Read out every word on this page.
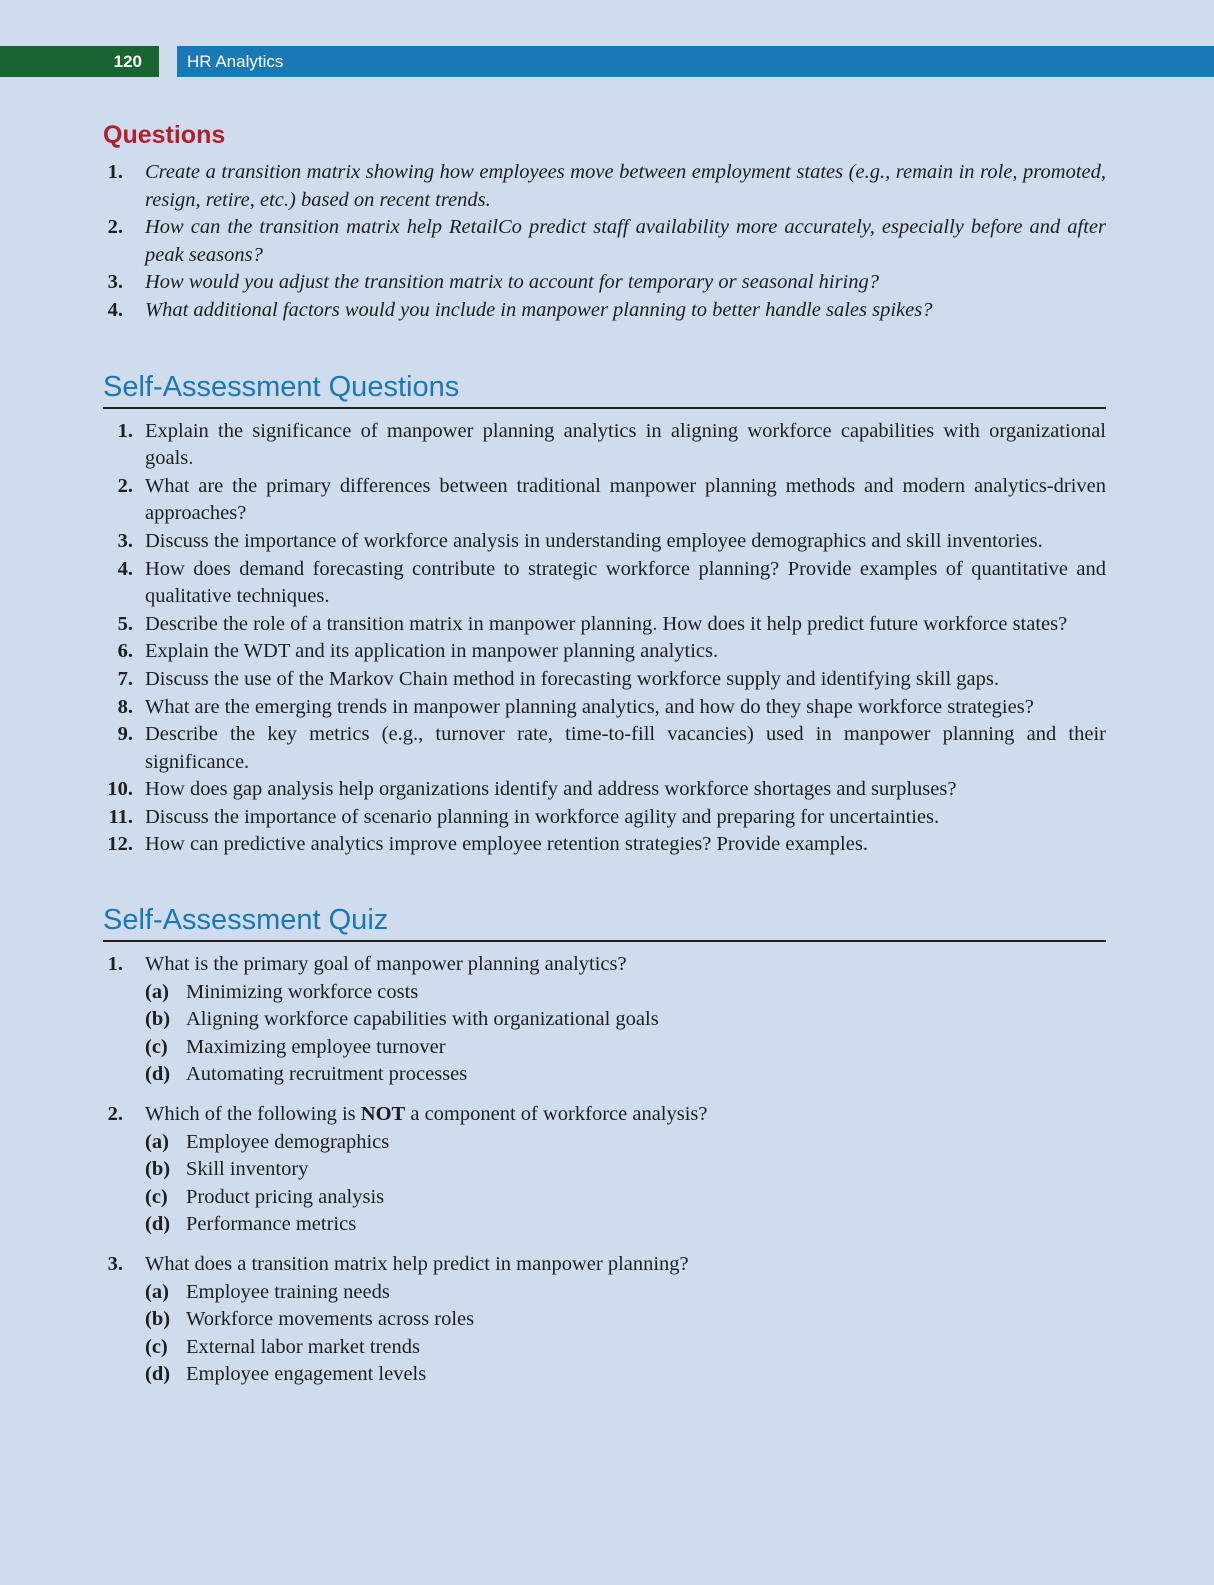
120	HR Analytics
Questions
1. Create a transition matrix showing how employees move between employment states (e.g., remain in role, promoted, resign, retire, etc.) based on recent trends.
2. How can the transition matrix help RetailCo predict staff availability more accurately, especially before and after peak seasons?
3. How would you adjust the transition matrix to account for temporary or seasonal hiring?
4. What additional factors would you include in manpower planning to better handle sales spikes?
Self-Assessment Questions
1. Explain the significance of manpower planning analytics in aligning workforce capabilities with organizational goals.
2. What are the primary differences between traditional manpower planning methods and modern analytics-driven approaches?
3. Discuss the importance of workforce analysis in understanding employee demographics and skill inventories.
4. How does demand forecasting contribute to strategic workforce planning? Provide examples of quantitative and qualitative techniques.
5. Describe the role of a transition matrix in manpower planning. How does it help predict future workforce states?
6. Explain the WDT and its application in manpower planning analytics.
7. Discuss the use of the Markov Chain method in forecasting workforce supply and identifying skill gaps.
8. What are the emerging trends in manpower planning analytics, and how do they shape workforce strategies?
9. Describe the key metrics (e.g., turnover rate, time-to-fill vacancies) used in manpower planning and their significance.
10. How does gap analysis help organizations identify and address workforce shortages and surpluses?
11. Discuss the importance of scenario planning in workforce agility and preparing for uncertainties.
12. How can predictive analytics improve employee retention strategies? Provide examples.
Self-Assessment Quiz
1. What is the primary goal of manpower planning analytics?
(a) Minimizing workforce costs
(b) Aligning workforce capabilities with organizational goals
(c) Maximizing employee turnover
(d) Automating recruitment processes
2. Which of the following is NOT a component of workforce analysis?
(a) Employee demographics
(b) Skill inventory
(c) Product pricing analysis
(d) Performance metrics
3. What does a transition matrix help predict in manpower planning?
(a) Employee training needs
(b) Workforce movements across roles
(c) External labor market trends
(d) Employee engagement levels
